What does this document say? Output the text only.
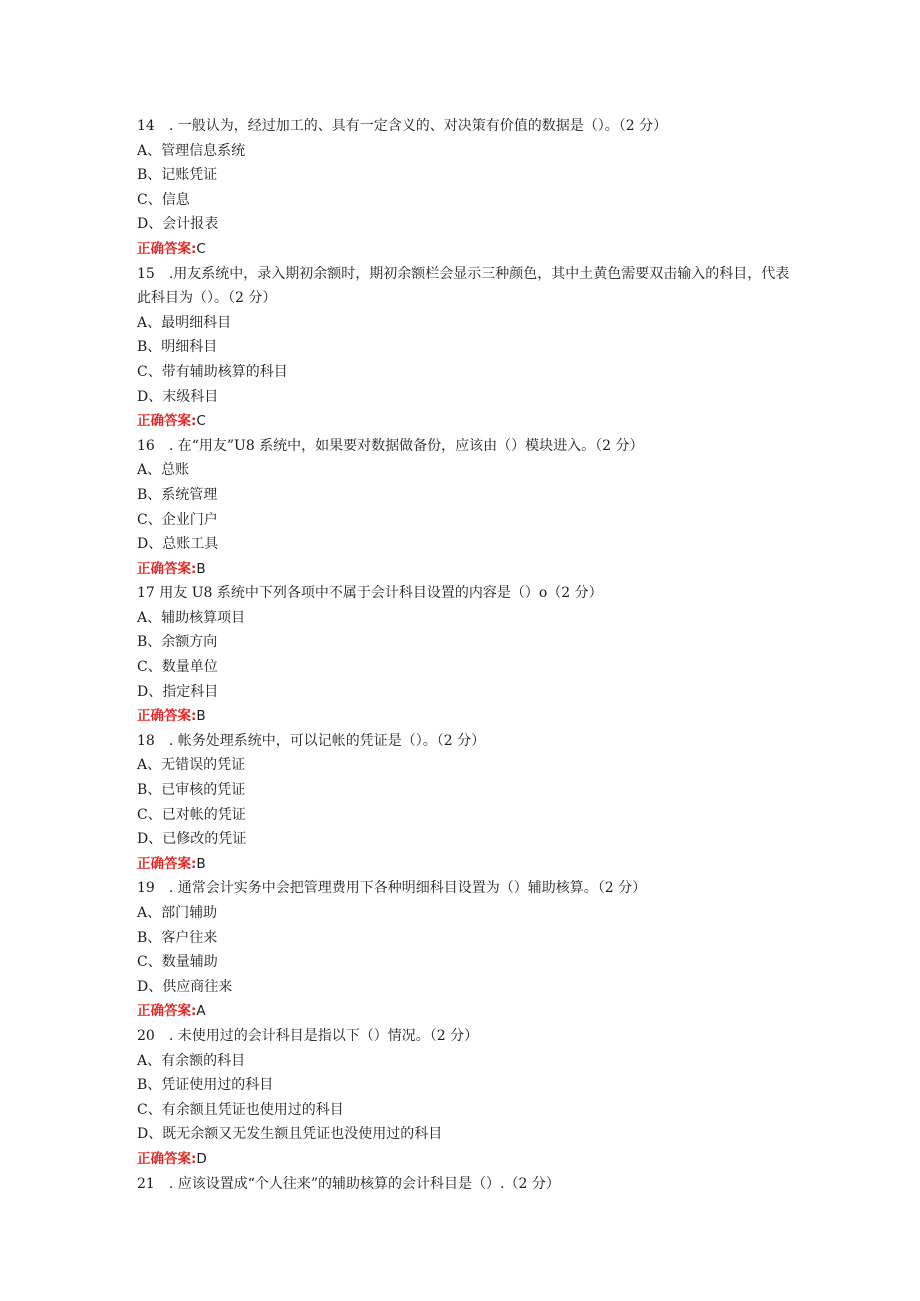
14　. 一般认为，经过加工的、具有一定含义的、对决策有价值的数据是（）。（2 分）

A、管理信息系统

B、记账凭证

C、信息

D、会计报表

正确答案:C

15　.用友系统中，录入期初余额时，期初余额栏会显示三种颜色，其中土黄色需要双击输入的科目，代表此科目为（）。（2 分）

A、最明细科目

B、明细科目

C、带有辅助核算的科目

D、末级科目

正确答案:C

16　. 在“用友”U8 系统中，如果要对数据做备份，应该由（）模块进入。（2 分）

A、总账

B、系统管理

C、企业门户

D、总账工具

正确答案:B

17 用友 U8 系统中下列各项中不属于会计科目设置的内容是（）o（2 分）

A、辅助核算项目

B、余额方向

C、数量单位

D、指定科目

正确答案:B

18　. 帐务处理系统中，可以记帐的凭证是（）。（2 分）

A、无错误的凭证

B、已审核的凭证

C、已对帐的凭证

D、已修改的凭证

正确答案:B

19　. 通常会计实务中会把管理费用下各种明细科目设置为（）辅助核算。（2 分）

A、部门辅助

B、客户往来

C、数量辅助

D、供应商往来

正确答案:A

20　. 未使用过的会计科目是指以下（）情况。（2 分）

A、有余额的科目

B、凭证使用过的科目

C、有余额且凭证也使用过的科目

D、既无余额又无发生额且凭证也没使用过的科目

正确答案:D

21　. 应该设置成“个人往来”的辅助核算的会计科目是（）.（2 分）
